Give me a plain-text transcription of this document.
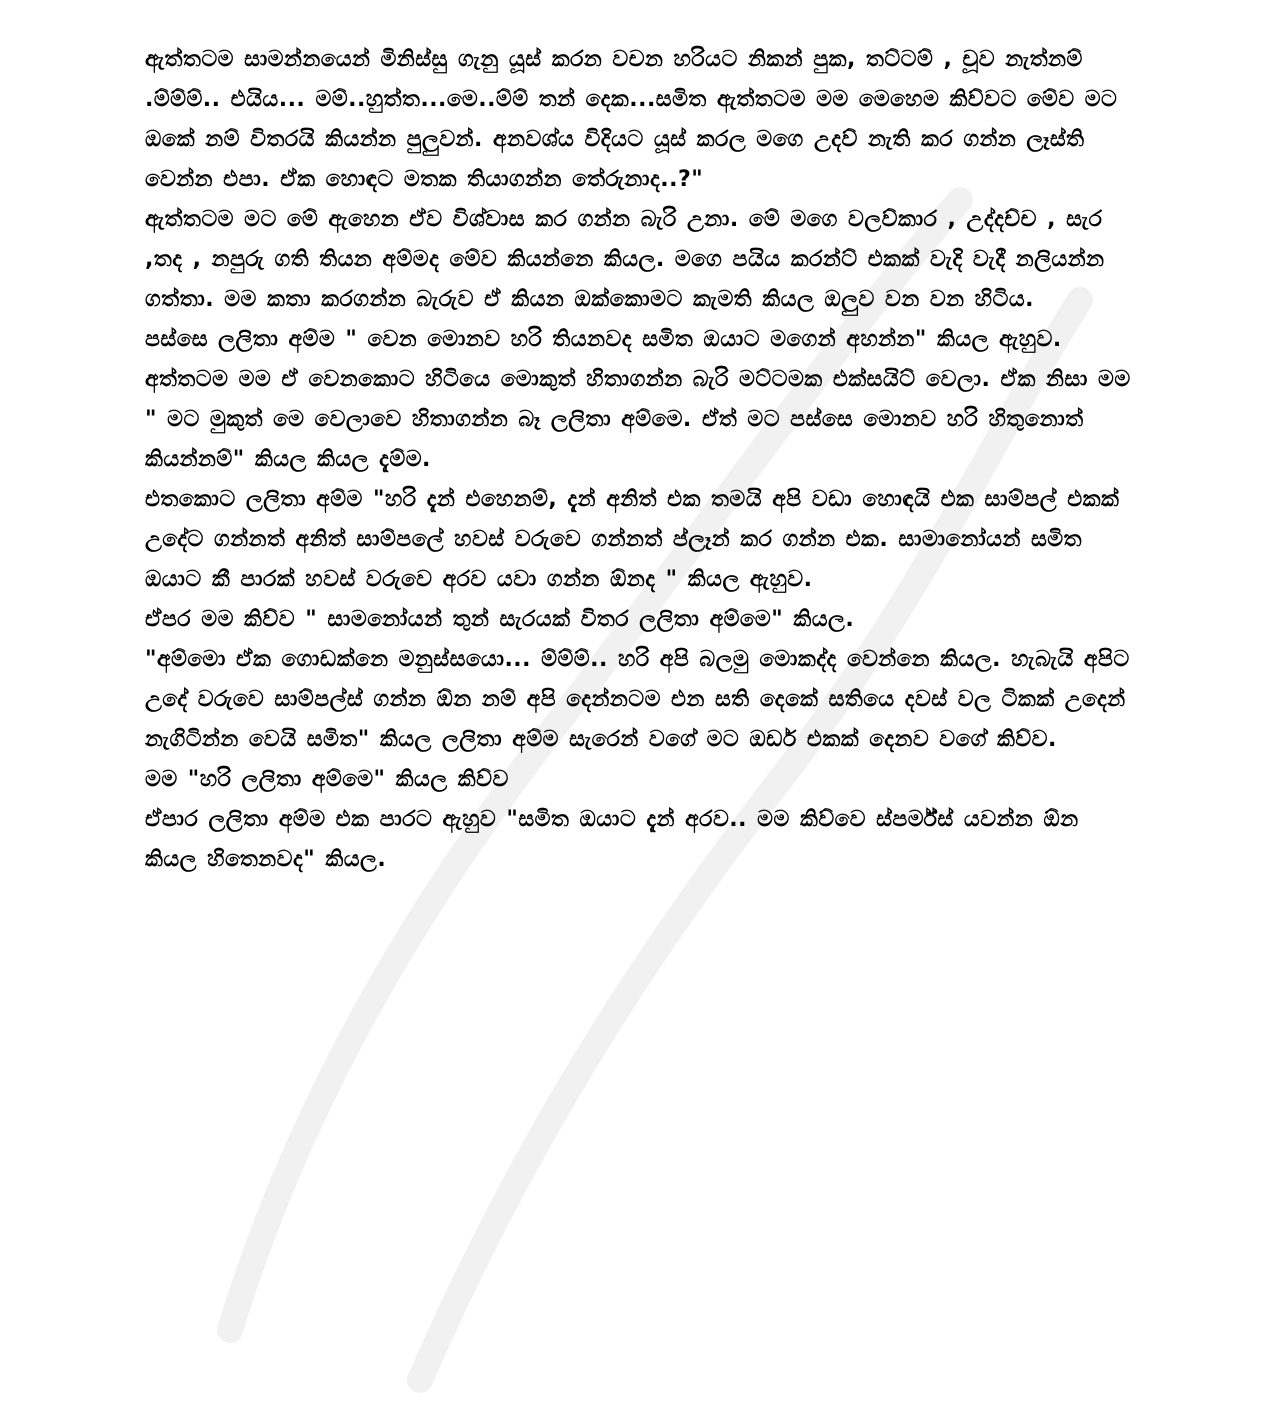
ඇත්තටම සාමන්නයෙන් මිනිස්සු ගැනු යූස් කරන වචන හරියට නිකන් පුක, තට්ටම් , චූව නැත්නම් .ම්ම්ම්.. එයිය... මම්..හුත්ත...මෙ..ම්ම් තන් දෙක...සමිත ඇත්තටම මම මෙහෙම කිව්වට මේව මට ඔකේ නම් විතරයි කියන්න පුලුවන්. අනවශ්ය විදියට යූස් කරල මගෙ උදව් නැති කර ගන්න ලෑස්ති වෙන්න එපා. ඒක හොඳට මතක තියාගන්න තේරුනාද..?"

ඇත්තටම මට මේ ඇහෙන ඒව විශ්වාස කර ගන්න බැරි උනා. මේ මගෙ වලව්කාර , උද්දච්ච , සැර ,තද , නපුරු ගති තියන අම්මද මේව කියන්නෙ කියල. මගෙ පයිය කරන්ට් එකක් වැදි වැදී නලියන්න ගත්තා. මම කතා කරගන්න බැරුව ඒ කියන ඔක්කොමට කැමති කියල ඔලුව වන වන හිටිය.

පස්සෙ ලලිතා අම්ම " වෙන මොනව හරි තියනවද සමිත ඔයාට මගෙන් අහන්න" කියල ඇහුව.

අත්තටම මම ඒ වෙනකොට හිටියෙ මොකුත් හිතාගන්න බැරි මට්ටමක එක්සයිට් වෙලා. ඒක නිසා මම " මට මුකුත් මෙ වෙලාවෙ හිතාගන්න බෑ ලලිතා අම්මෙ. ඒත් මට පස්සෙ මොනව හරි හිතුනොත් කියන්නම්" කියල කියල දැම්ම.

එතකොට ලලිතා අම්ම "හරි දැන් එහෙනම්, දැන් අනිත් එක තමයි අපි වඩා හොඳයි එක සාම්පල් එකක් උදේට ගන්නත් අනිත් සාම්පලේ හවස් වරුවෙ ගන්නත් ප්ලෑන් කර ගන්න එක. සාමානෝයන් සමිත ඔයාට කී පාරක් හවස් වරුවෙ අරව යවා ගන්න ඕනද " කියල ඇහුව.

ඒපර මම කිව්ව " සාමනෝයන් තුන් සැරයක් විතර ලලිතා අම්මෙ" කියල.

"අම්මො ඒක ගොඩක්නෙ මනුස්සයො... ම්ම්ම්.. හරි අපි බලමු මොකද්ද වෙන්නෙ කියල. හැබැයි අපිට උදේ වරුවෙ සාම්පල්ස් ගන්න ඕන නම් අපි දෙන්නටම එන සති දෙකේ සතියෙ දවස් වල ටිකක් උදෙන් නැගිටින්න වෙයි සමිත" කියල ලලිතා අම්ම සැරෙන් වගේ මට ඔඩර් එකක් දෙනව වගේ කිව්ව.

මම "හරි ලලිතා අම්මෙ" කියල කිව්ව

ඒපාර ලලිතා අම්ම එක පාරට ඇහුව "සමිත ඔයාට දැන් අරව.. මම කිව්වෙ ස්පර්ම්ස් යවන්න ඕන කියල හිතෙනවද" කියල.
